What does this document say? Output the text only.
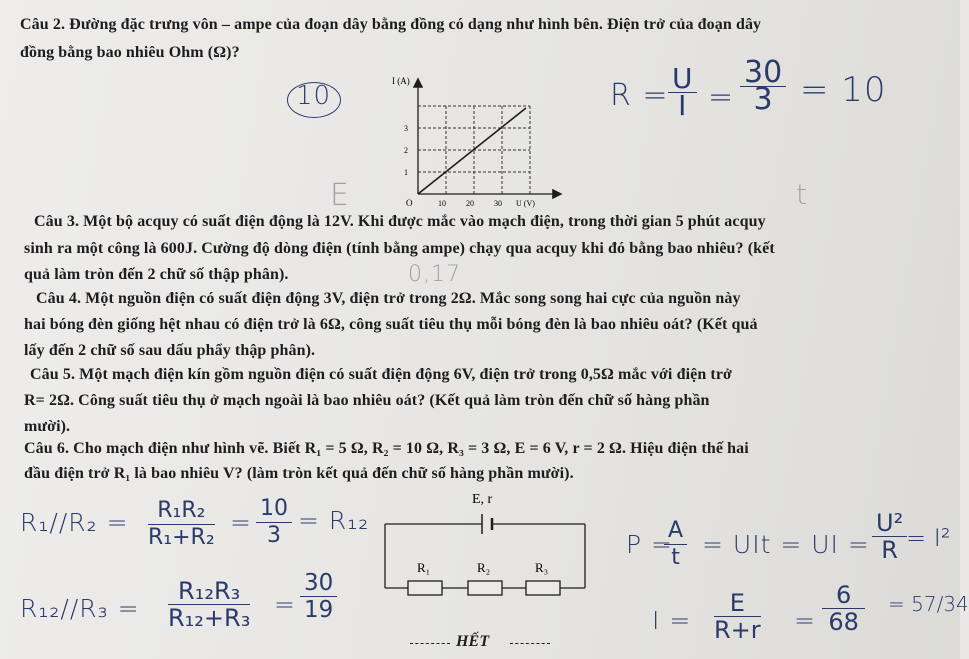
Câu 2. Đường đặc trưng vôn – ampe của đoạn dây bằng đồng có dạng như hình bên. Điện trở của đoạn dây
đồng bằng bao nhiêu Ohm (Ω)?
10	$R = \frac{U}{I} = \frac{30}{3} = 10$
I (A)
O
1
2
3
10	20	30 U (V)
E	t
Câu 3. Một bộ acquy có suất điện động là 12V. Khi được mắc vào mạch điện, trong thời gian 5 phút acquy
sinh ra một công là 600J. Cường độ dòng điện (tính bằng ampe) chạy qua acquy khi đó bằng bao nhiêu? (kết
quả làm tròn đến 2 chữ số thập phân).	0,17
Câu 4. Một nguồn điện có suất điện động 3V, điện trở trong 2Ω. Mắc song song hai cực của nguồn này
hai bóng đèn giống hệt nhau có điện trở là 6Ω, công suất tiêu thụ mỗi bóng đèn là bao nhiêu oát? (Kết quả
lấy đến 2 chữ số sau dấu phẩy thập phân).
Câu 5. Một mạch điện kín gồm nguồn điện có suất điện động 6V, điện trở trong 0,5Ω mắc với điện trở
R= 2Ω. Công suất tiêu thụ ở mạch ngoài là bao nhiêu oát? (Kết quả làm tròn đến chữ số hàng phần
mười).
Câu 6. Cho mạch điện như hình vẽ. Biết R₁ = 5 Ω, R₂ = 10 Ω, R₃ = 3 Ω, E = 6 V, r = 2 Ω. Hiệu điện thế hai
đầu điện trở R₁ là bao nhiêu V? (làm tròn kết quả đến chữ số hàng phần mười).
E, r
R₁	R₂	R₃
HẾT
$R_1//R_2 = \frac{\text{R₁R₂}}{\text{R₁+R₂}} = \frac{10}{3} = R_{12}$
$R_{12}//R_3 = \frac{\text{R₁₂R₃}}{\text{R₁₂+R₃}} = \frac{30}{19}$
P =
$\frac{A}{t}$ = UIt = UI = $\frac{\text{U²}}{R}$
= I²
$I = \frac{E}{R+r} = \frac{6}{68} = 57/34$
